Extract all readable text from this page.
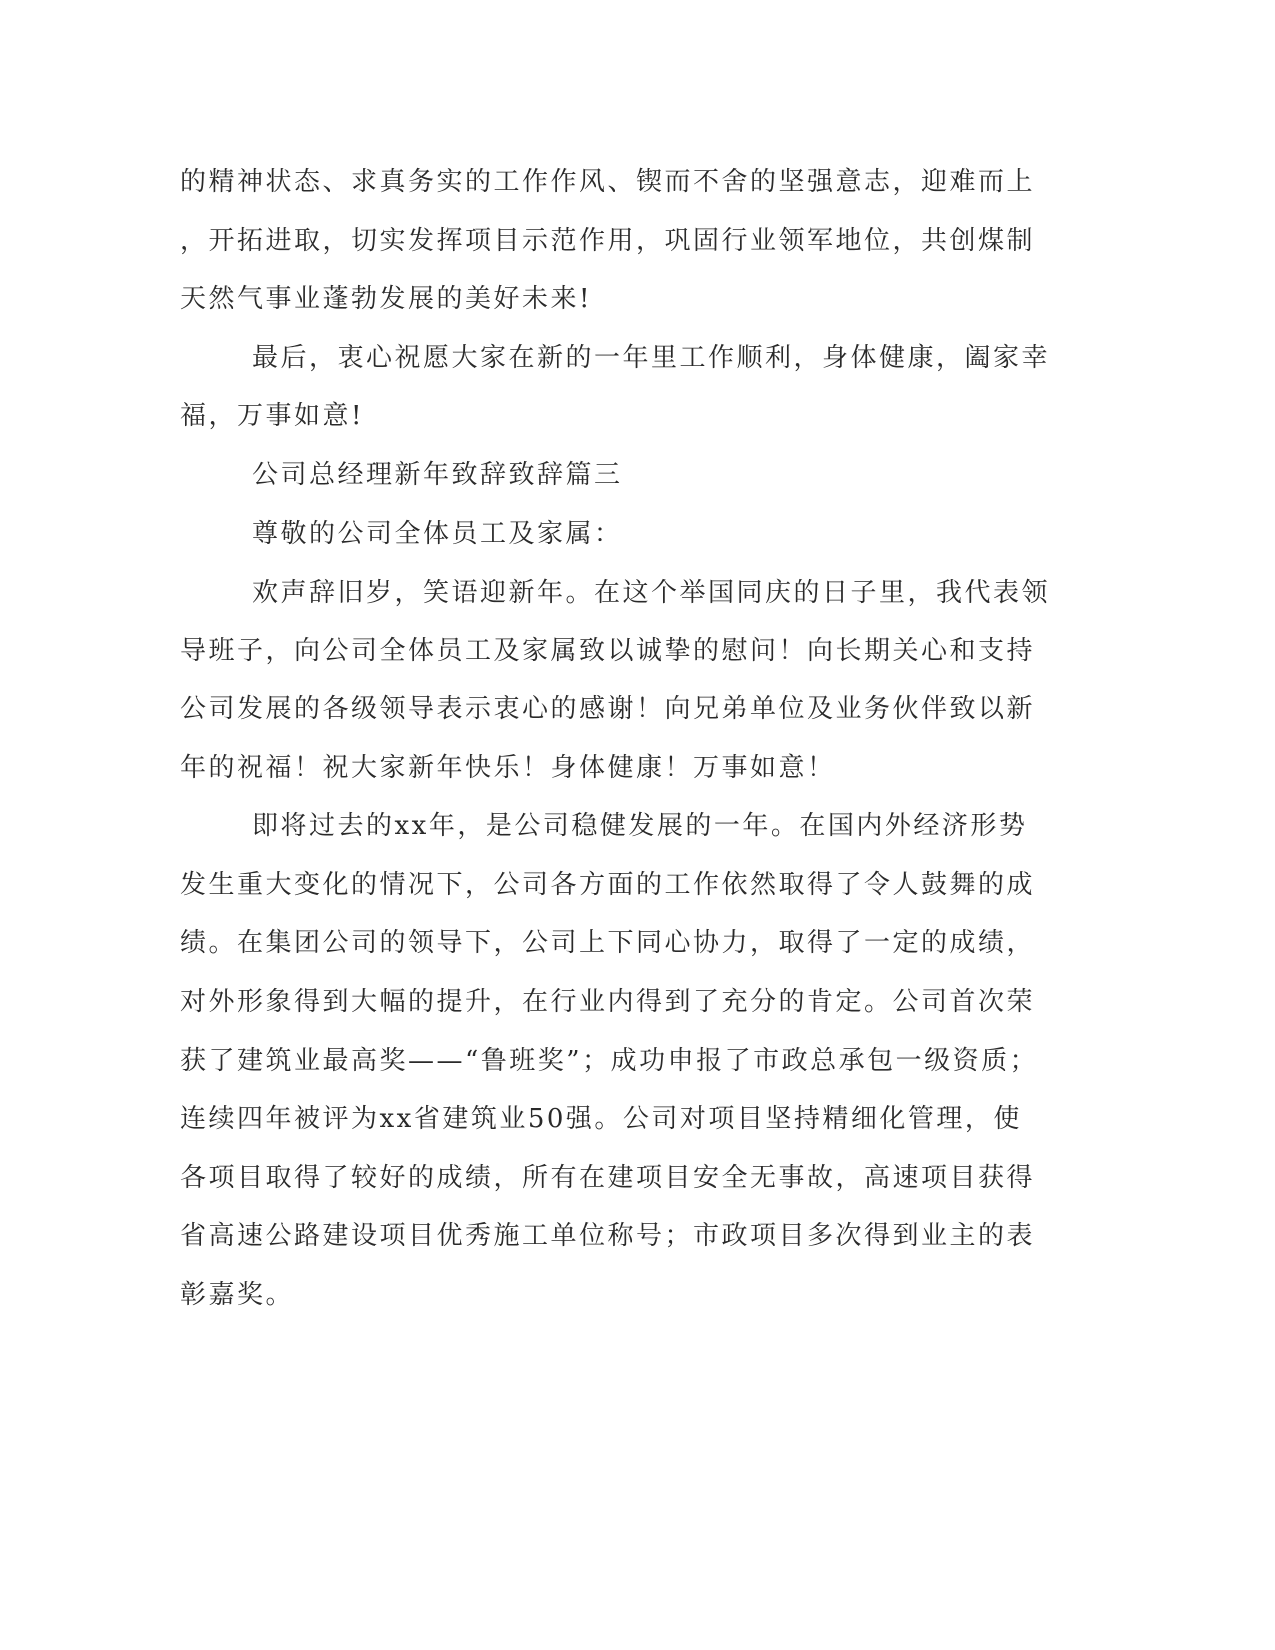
的精神状态、求真务实的工作作风、锲而不舍的坚强意志，迎难而上
，开拓进取，切实发挥项目示范作用，巩固行业领军地位，共创煤制
天然气事业蓬勃发展的美好未来!
最后，衷心祝愿大家在新的一年里工作顺利，身体健康，阖家幸
福，万事如意!
公司总经理新年致辞致辞篇三
尊敬的公司全体员工及家属：
欢声辞旧岁，笑语迎新年。在这个举国同庆的日子里，我代表领
导班子，向公司全体员工及家属致以诚挚的慰问！向长期关心和支持
公司发展的各级领导表示衷心的感谢！向兄弟单位及业务伙伴致以新
年的祝福！祝大家新年快乐！身体健康！万事如意！
即将过去的xx年，是公司稳健发展的一年。在国内外经济形势
发生重大变化的情况下，公司各方面的工作依然取得了令人鼓舞的成
绩。在集团公司的领导下，公司上下同心协力，取得了一定的成绩，
对外形象得到大幅的提升，在行业内得到了充分的肯定。公司首次荣
获了建筑业最高奖——“鲁班奖”；成功申报了市政总承包一级资质；
连续四年被评为xx省建筑业50强。公司对项目坚持精细化管理，使
各项目取得了较好的成绩，所有在建项目安全无事故，高速项目获得
省高速公路建设项目优秀施工单位称号；市政项目多次得到业主的表
彰嘉奖。
